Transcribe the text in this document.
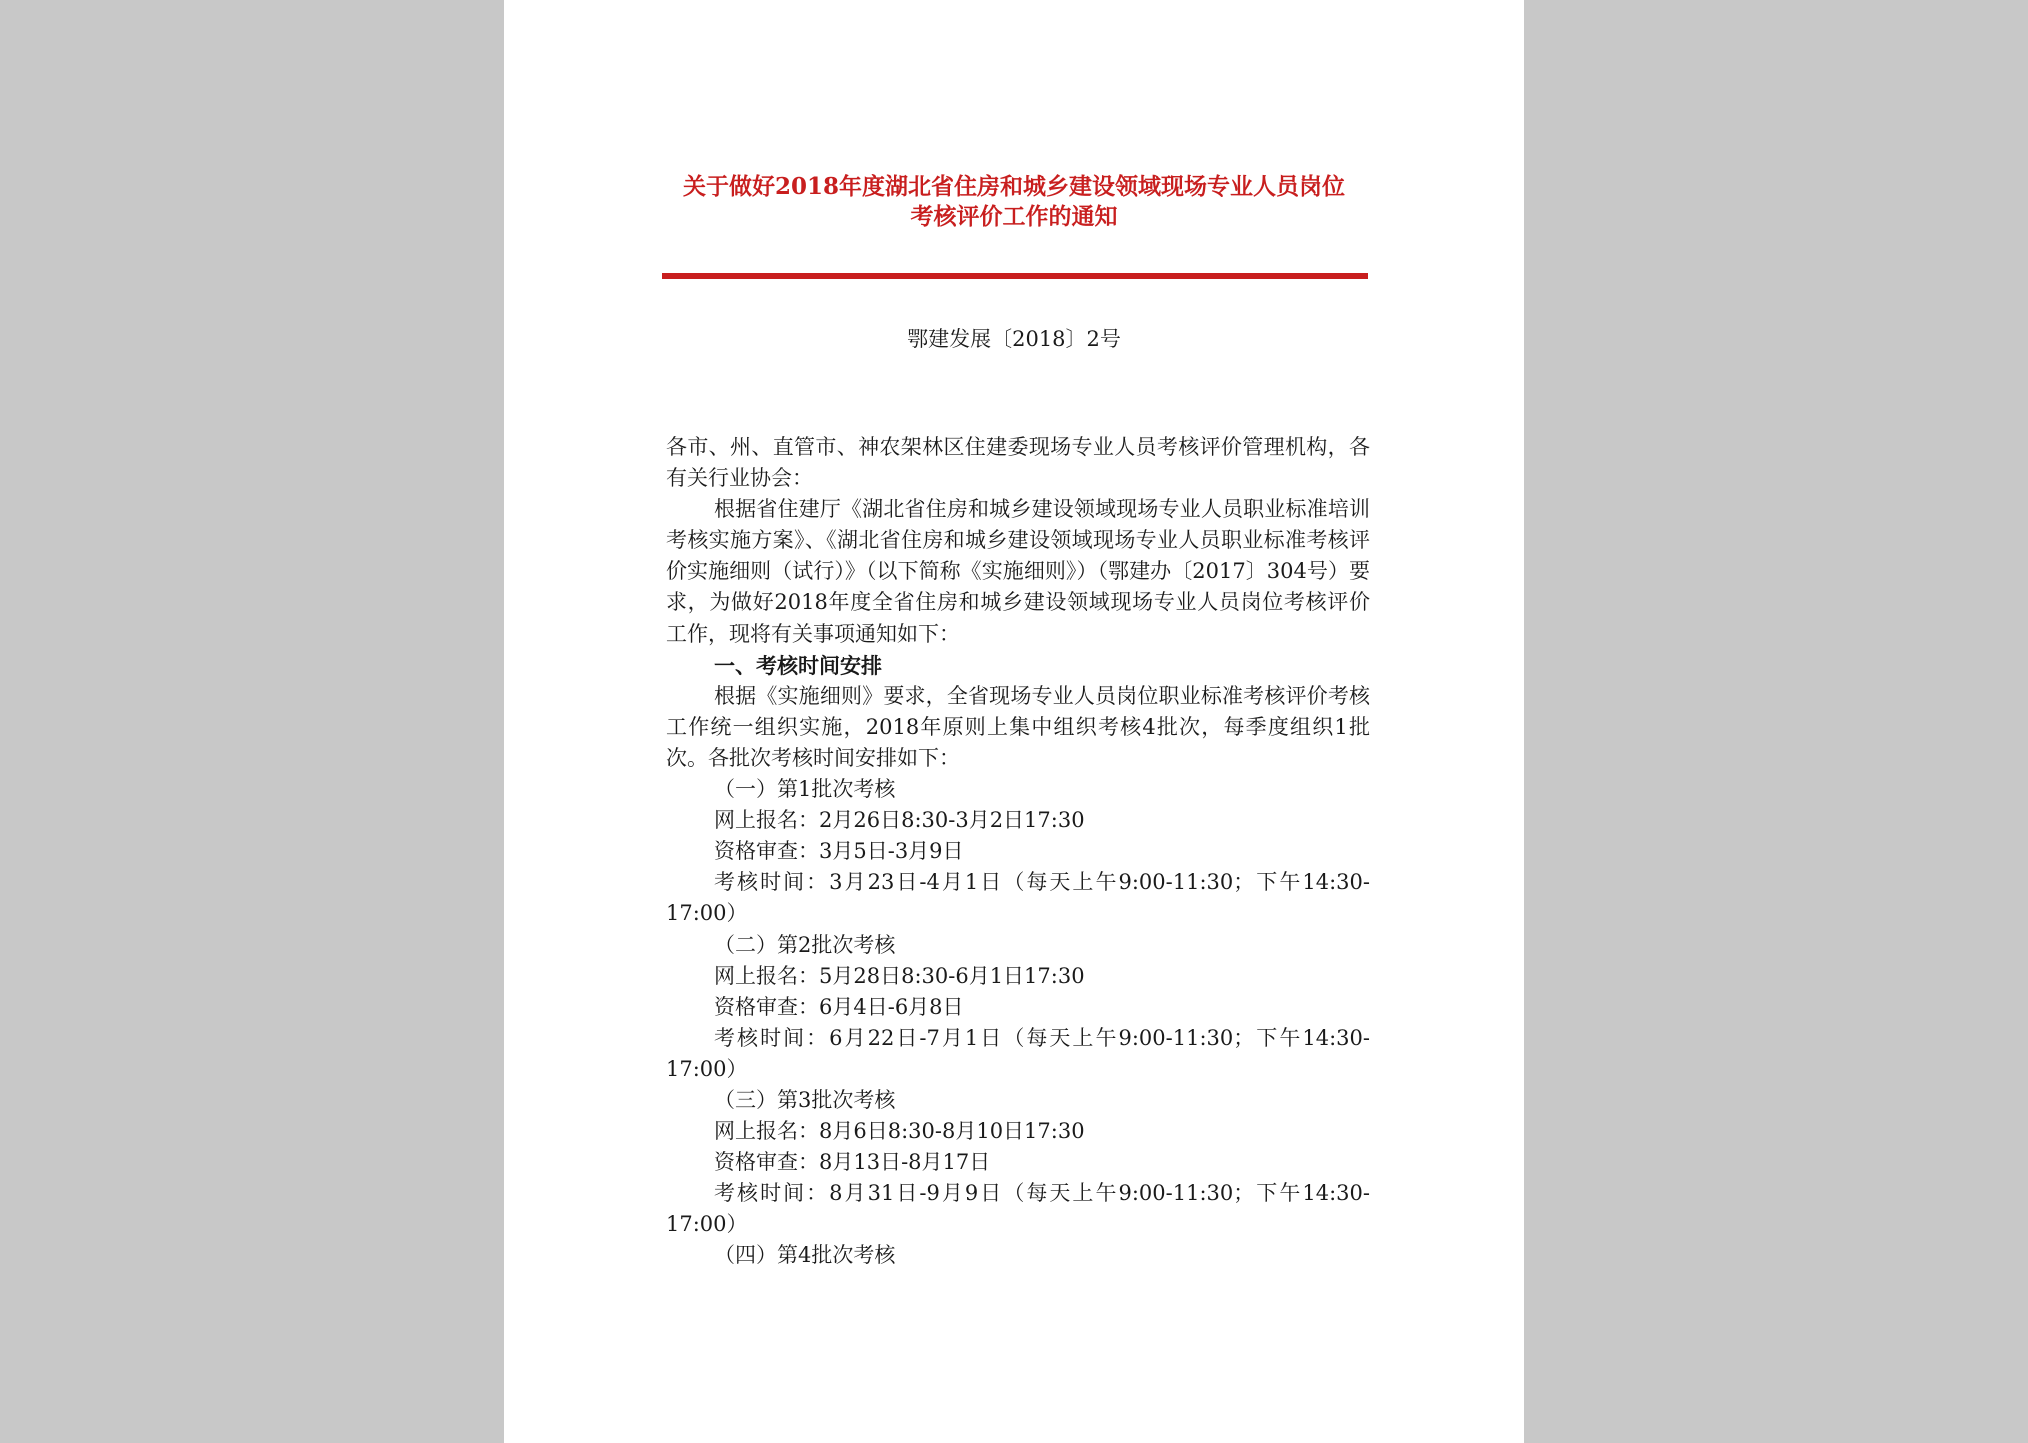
关于做好2018年度湖北省住房和城乡建设领域现场专业人员岗位
考核评价工作的通知
鄂建发展〔2018〕2号

各市、州、直管市、神农架林区住建委现场专业人员考核评价管理机构，各有关行业协会：

根据省住建厅《湖北省住房和城乡建设领域现场专业人员职业标准培训考核实施方案》、《湖北省住房和城乡建设领域现场专业人员职业标准考核评价实施细则（试行）》（以下简称《实施细则》）（鄂建办〔2017〕304号）要求，为做好2018年度全省住房和城乡建设领域现场专业人员岗位考核评价工作，现将有关事项通知如下：

一、考核时间安排

根据《实施细则》要求，全省现场专业人员岗位职业标准考核评价考核工作统一组织实施，2018年原则上集中组织考核4批次，每季度组织1批次。各批次考核时间安排如下：

（一）第1批次考核

网上报名：2月26日8:30-3月2日17:30

资格审查：3月5日-3月9日

考核时间：3月23日-4月1日（每天上午9:00-11:30；下午14:30-17:00）

（二）第2批次考核

网上报名：5月28日8:30-6月1日17:30

资格审查：6月4日-6月8日

考核时间：6月22日-7月1日（每天上午9:00-11:30；下午14:30-17:00）

（三）第3批次考核

网上报名：8月6日8:30-8月10日17:30

资格审查：8月13日-8月17日

考核时间：8月31日-9月9日（每天上午9:00-11:30；下午14:30-17:00）

（四）第4批次考核
